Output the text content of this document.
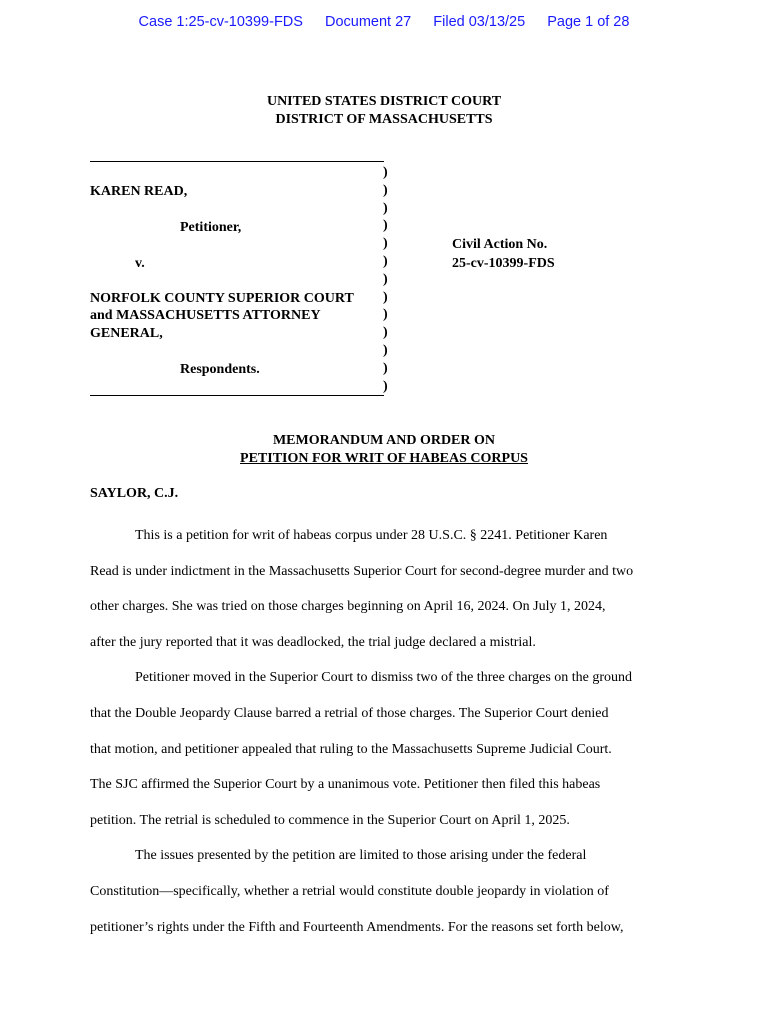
Case 1:25-cv-10399-FDS Document 27 Filed 03/13/25 Page 1 of 28
UNITED STATES DISTRICT COURT
DISTRICT OF MASSACHUSETTS
KAREN READ,
Petitioner,
v.
NORFOLK COUNTY SUPERIOR COURT
and MASSACHUSETTS ATTORNEY
GENERAL,
Respondents.
Civil Action No.
25-cv-10399-FDS
)
)
)
)
)
)
)
)
)
)
)
)
)
MEMORANDUM AND ORDER ON
PETITION FOR WRIT OF HABEAS CORPUS
SAYLOR, C.J.
This is a petition for writ of habeas corpus under 28 U.S.C. § 2241. Petitioner Karen
Read is under indictment in the Massachusetts Superior Court for second-degree murder and two
other charges. She was tried on those charges beginning on April 16, 2024. On July 1, 2024,
after the jury reported that it was deadlocked, the trial judge declared a mistrial.
Petitioner moved in the Superior Court to dismiss two of the three charges on the ground
that the Double Jeopardy Clause barred a retrial of those charges. The Superior Court denied
that motion, and petitioner appealed that ruling to the Massachusetts Supreme Judicial Court.
The SJC affirmed the Superior Court by a unanimous vote. Petitioner then filed this habeas
petition. The retrial is scheduled to commence in the Superior Court on April 1, 2025.
The issues presented by the petition are limited to those arising under the federal
Constitution—specifically, whether a retrial would constitute double jeopardy in violation of
petitioner’s rights under the Fifth and Fourteenth Amendments. For the reasons set forth below,
